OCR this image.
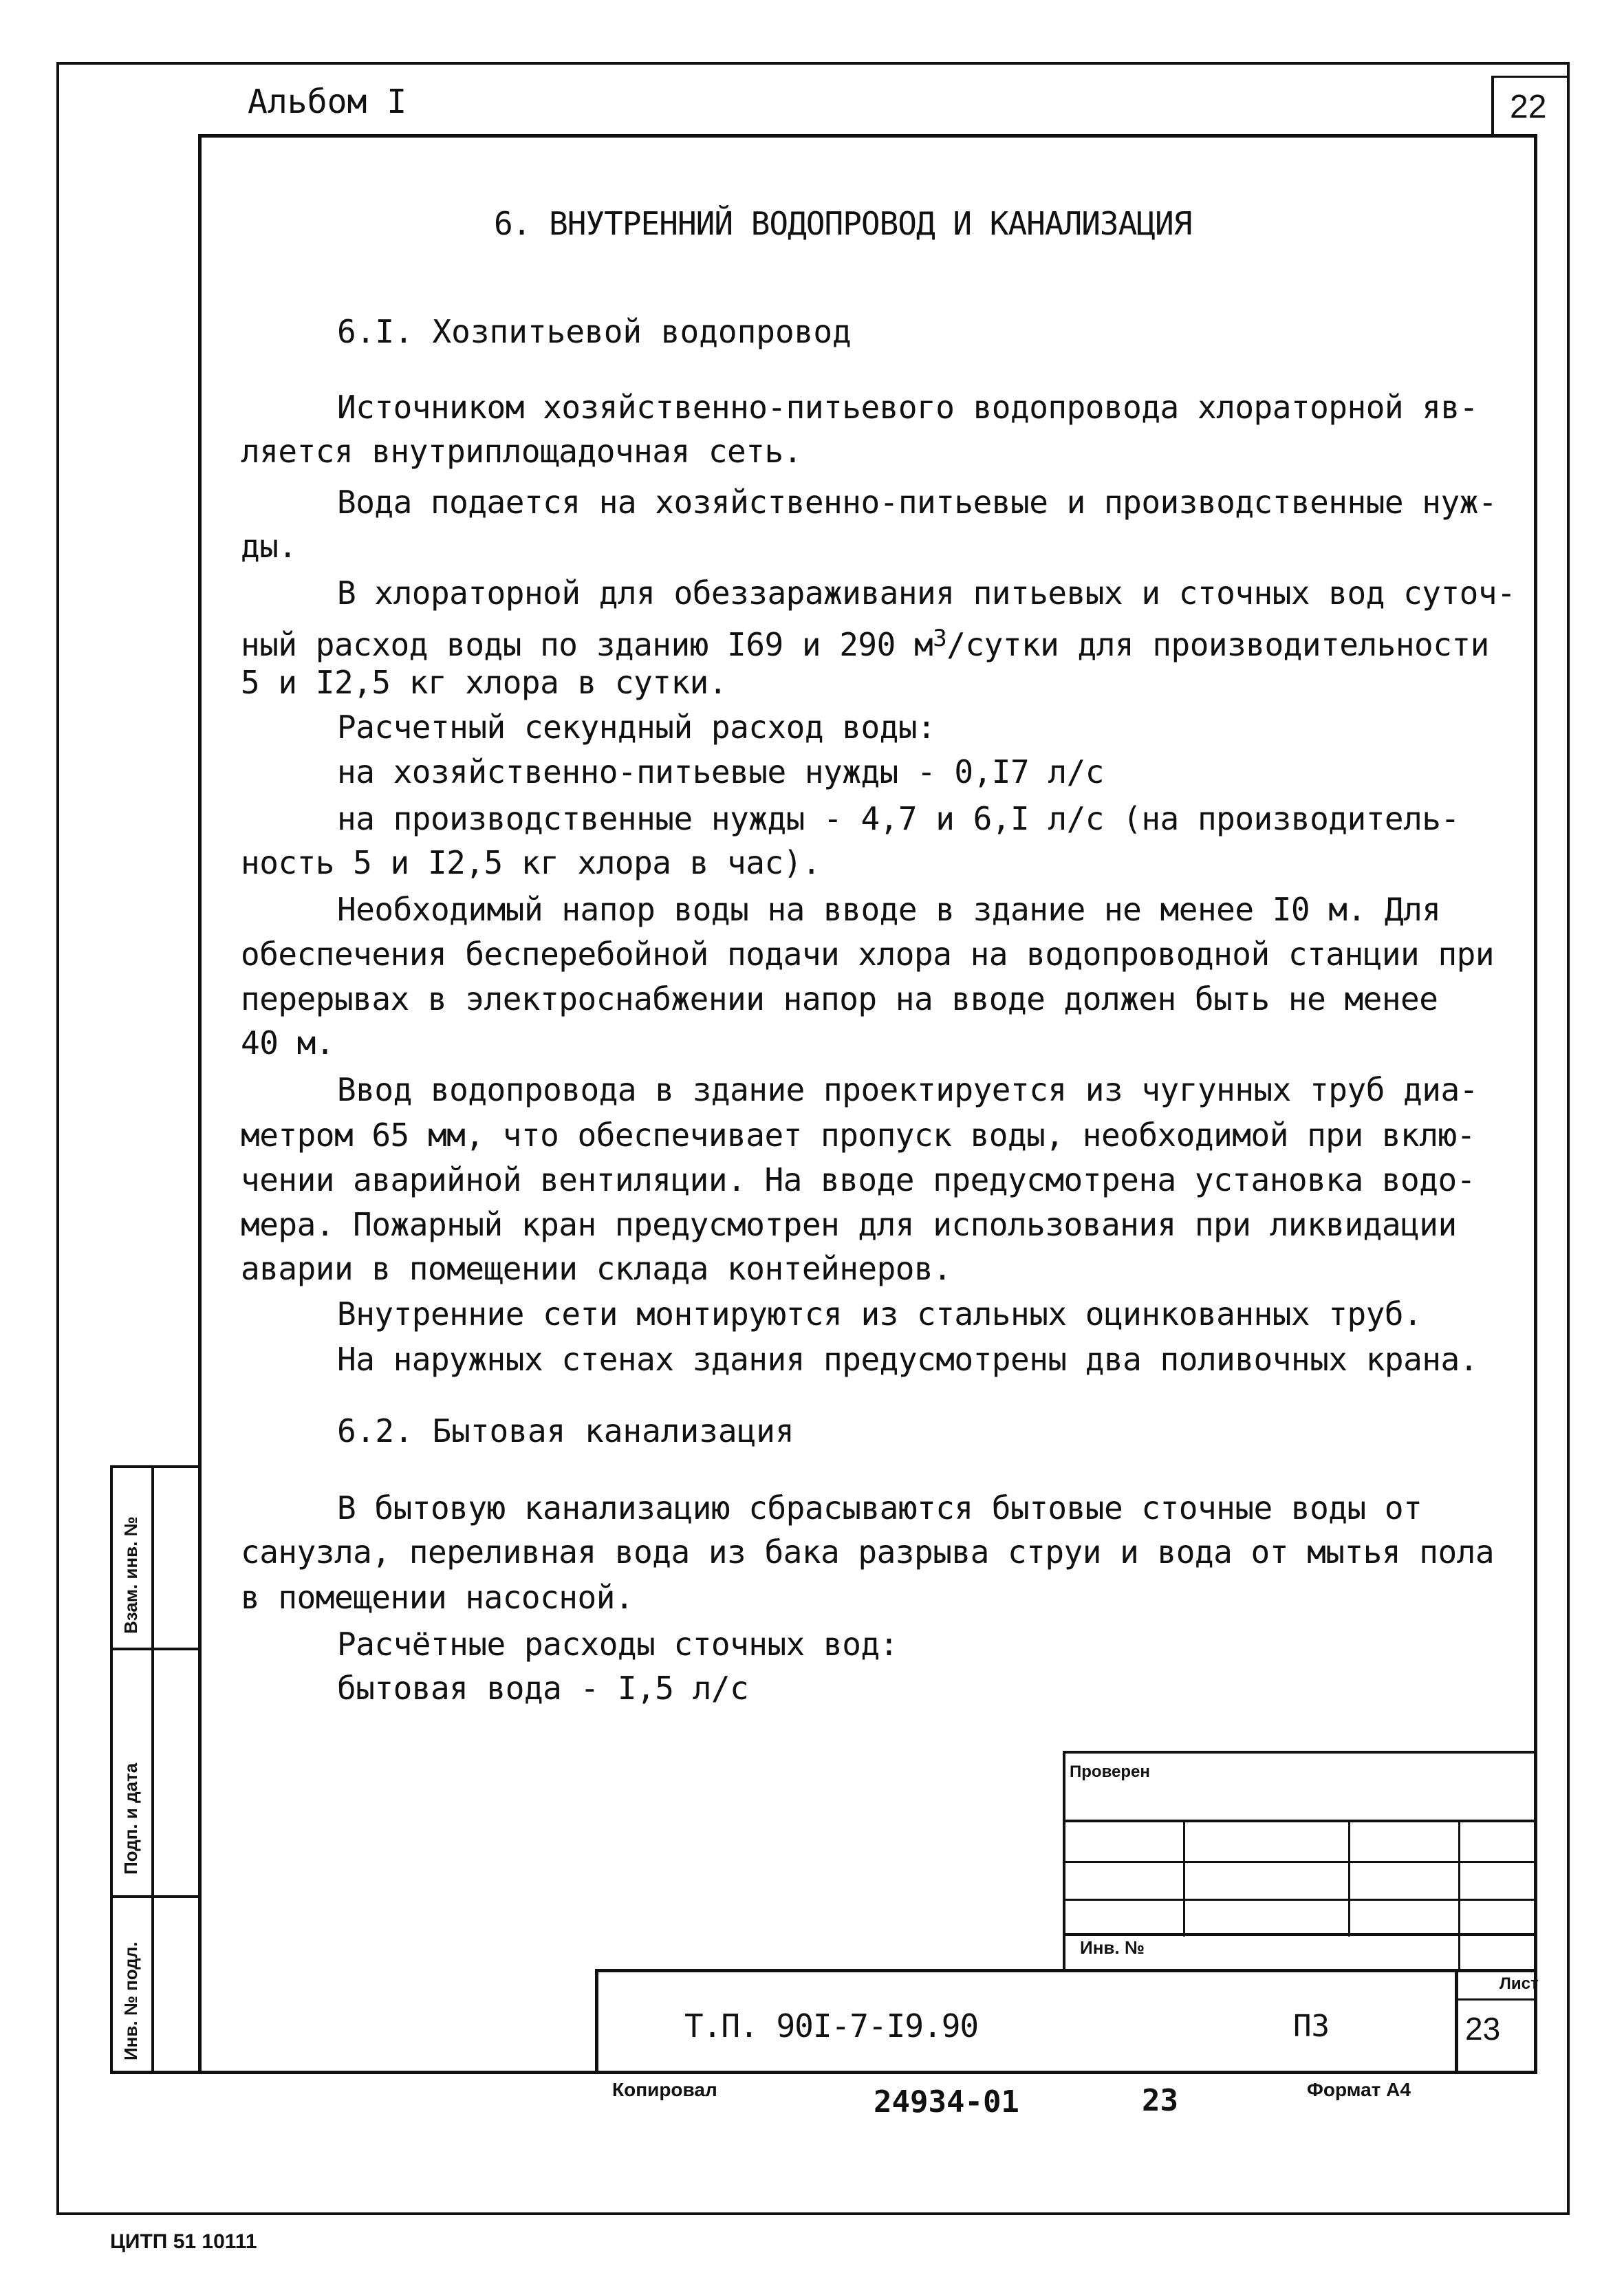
22
Альбом I
6. ВНУТРЕННИЙ ВОДОПРОВОД И КАНАЛИЗАЦИЯ
6.I. Хозпитьевой водопровод
Источником хозяйственно-питьевого водопровода хлораторной яв-
ляется внутриплощадочная сеть.
Вода подается на хозяйственно-питьевые и производственные нуж-
ды.
В хлораторной для обеззараживания питьевых и сточных вод суточ-
ный расход воды по зданию I69 и 290 $м^3$/сутки для производительности
5 и I2,5 кг хлора в сутки.
Расчетный секундный расход воды:
на хозяйственно-питьевые нужды - 0,I7 л/с
на производственные нужды - 4,7 и 6,I л/с (на производитель-
ность 5 и I2,5 кг хлора в час).
Необходимый напор воды на вводе в здание не менее I0 м. Для
обеспечения бесперебойной подачи хлора на водопроводной станции при
перерывах в электроснабжении напор на вводе должен быть не менее
40 м.
Ввод водопровода в здание проектируется из чугунных труб диа-
метром 65 мм, что обеспечивает пропуск воды, необходимой при вклю-
чении аварийной вентиляции. На вводе предусмотрена установка водо-
мера. Пожарный кран предусмотрен для использования при ликвидации
аварии в помещении склада контейнеров.
Внутренние сети монтируются из стальных оцинкованных труб.
На наружных стенах здания предусмотрены два поливочных крана.
6.2. Бытовая канализация
В бытовую канализацию сбрасываются бытовые сточные воды от
санузла, переливная вода из бака разрыва струи и вода от мытья пола
в помещении насосной.
Расчётные расходы сточных вод:
бытовая вода - I,5 л/с
Взам. инв. №
Подп. и дата
Инв. № подл.
Проверен
Инв. №
Т.П. 90I-7-I9.90	ПЗ
Лист
23
Копировал	24934-01	23	Формат А4
ЦИТП 51 10111
